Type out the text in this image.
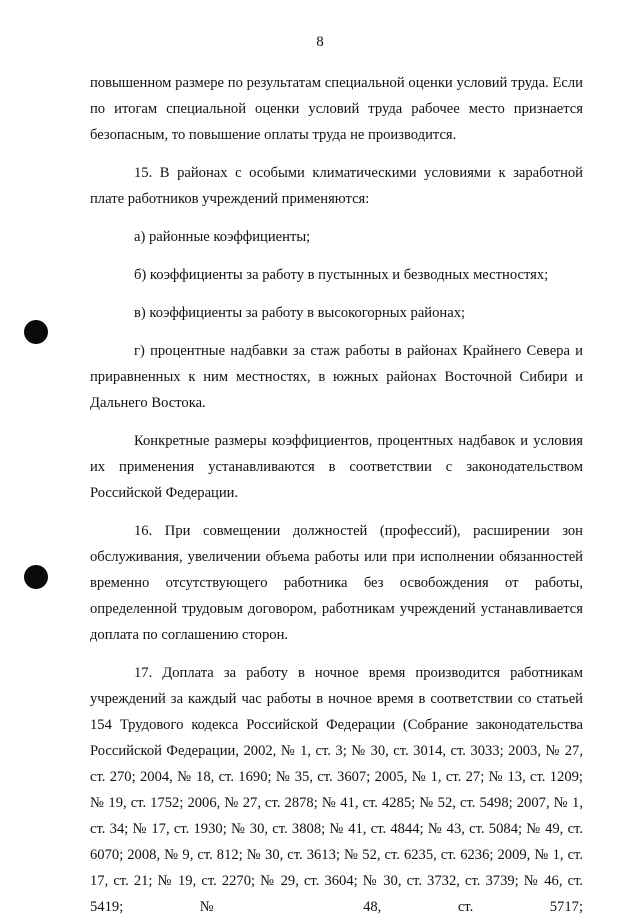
8

повышенном размере по результатам специальной оценки условий труда. Если по итогам специальной оценки условий труда рабочее место признается безопасным, то повышение оплаты труда не производится.

15. В районах с особыми климатическими условиями к заработной плате работников учреждений применяются:

а) районные коэффициенты;

б) коэффициенты за работу в пустынных и безводных местностях;

в) коэффициенты за работу в высокогорных районах;

г) процентные надбавки за стаж работы в районах Крайнего Севера и приравненных к ним местностях, в южных районах Восточной Сибири и Дальнего Востока.

Конкретные размеры коэффициентов, процентных надбавок и условия их применения устанавливаются в соответствии с законодательством Российской Федерации.

16. При совмещении должностей (профессий), расширении зон обслуживания, увеличении объема работы или при исполнении обязанностей временно отсутствующего работника без освобождения от работы, определенной трудовым договором, работникам учреждений устанавливается доплата по соглашению сторон.

17. Доплата за работу в ночное время производится работникам учреждений за каждый час работы в ночное время в соответствии со статьей 154 Трудового кодекса Российской Федерации (Собрание законодательства Российской Федерации, 2002, № 1, ст. 3; № 30, ст. 3014, ст. 3033; 2003, № 27, ст. 270; 2004, № 18, ст. 1690; № 35, ст. 3607; 2005, № 1, ст. 27; № 13, ст. 1209; № 19, ст. 1752; 2006, № 27, ст. 2878; № 41, ст. 4285; № 52, ст. 5498; 2007, № 1, ст. 34; № 17, ст. 1930; № 30, ст. 3808; № 41, ст. 4844; № 43, ст. 5084; № 49, ст. 6070; 2008, № 9, ст. 812; № 30, ст. 3613; № 52, ст. 6235, ст. 6236; 2009, № 1, ст. 17, ст. 21; № 19, ст. 2270; № 29, ст. 3604; № 30, ст. 3732, ст. 3739; № 46, ст. 5419; № 48, ст. 5717;
